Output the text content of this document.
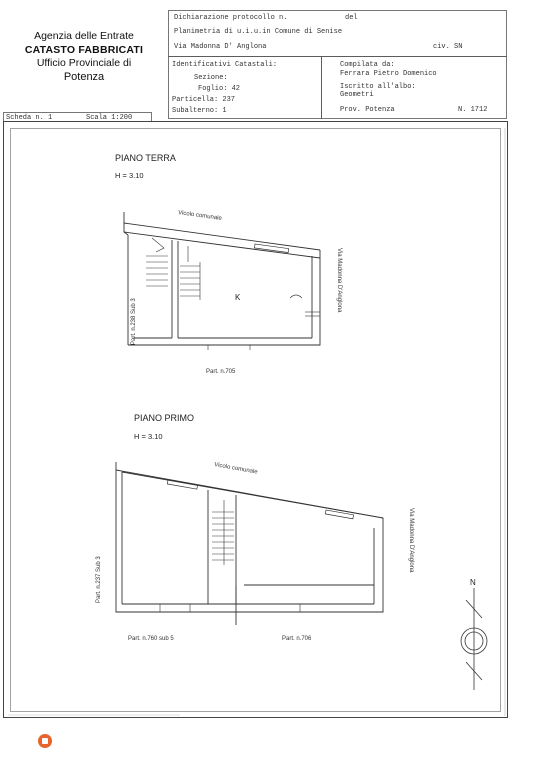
Agenzia delle Entrate
CATASTO FABBRICATI
Ufficio Provinciale di
Potenza
Dichiarazione protocollo n.	del
Planimetria di u.i.u.in Comune di Senise
Via Madonna D' Anglona	civ. SN
Identificativi Catastali:
Sezione:
Foglio: 42
Particella: 237
Subalterno: 1
Compilata da:
Ferrara Pietro Domenico
Iscritto all'albo:
Geometri
Prov. Potenza	N. 1712
Scheda n. 1	Scala 1:200
PIANO TERRA
H = 3.10
Vicolo comunale
Via Madonna D'Anglona
Part. n.238 Sub 3
Part. n.705
K
PIANO PRIMO
H = 3.10
Vicolo comunale
Via Madonna D'Anglona
Part. n.237 Sub 3
Part. n.760 sub 5	Part. n.706
N
